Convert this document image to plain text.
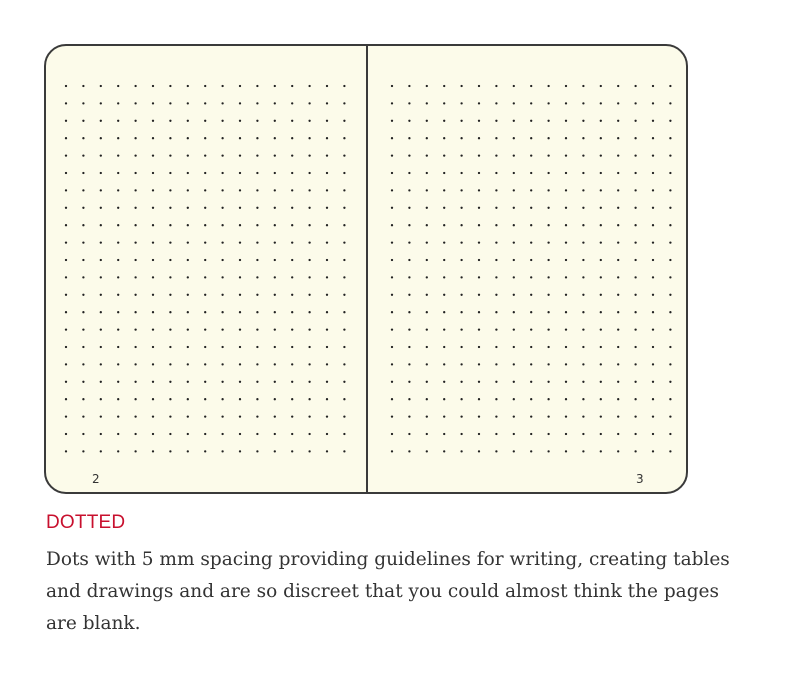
2	3
DOTTED

Dots with 5 mm spacing providing guidelines for writing, creating tables and drawings and are so discreet that you could almost think the pages are blank.
